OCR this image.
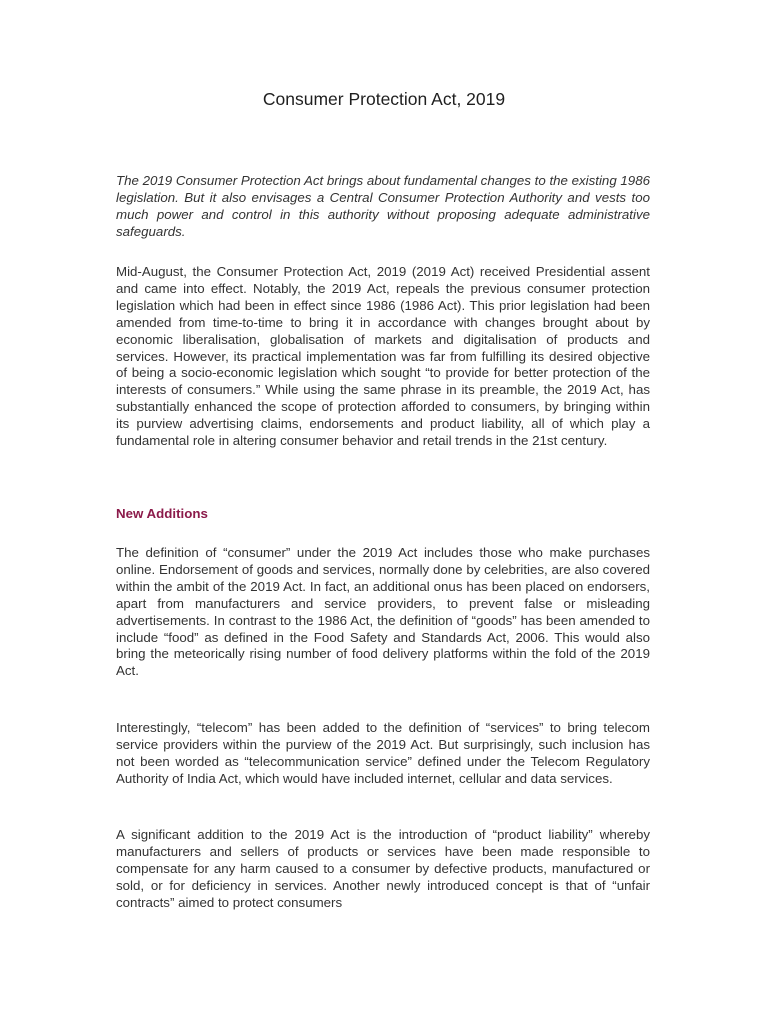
Consumer Protection Act, 2019

The 2019 Consumer Protection Act brings about fundamental changes to the existing 1986 legislation. But it also envisages a Central Consumer Protection Authority and vests too much power and control in this authority without proposing adequate administrative safeguards.

Mid-August, the Consumer Protection Act, 2019 (2019 Act) received Presidential assent and came into effect. Notably, the 2019 Act, repeals the previous consumer protection legislation which had been in effect since 1986 (1986 Act). This prior legislation had been amended from time-to-time to bring it in accordance with changes brought about by economic liberalisation, globalisation of markets and digitalisation of products and services. However, its practical implementation was far from fulfilling its desired objective of being a socio-economic legislation which sought “to provide for better protection of the interests of consumers.” While using the same phrase in its preamble, the 2019 Act, has substantially enhanced the scope of protection afforded to consumers, by bringing within its purview advertising claims, endorsements and product liability, all of which play a fundamental role in altering consumer behavior and retail trends in the 21st century.

New Additions

The definition of “consumer” under the 2019 Act includes those who make purchases online. Endorsement of goods and services, normally done by celebrities, are also covered within the ambit of the 2019 Act. In fact, an additional onus has been placed on endorsers, apart from manufacturers and service providers, to prevent false or misleading advertisements. In contrast to the 1986 Act, the definition of “goods” has been amended to include “food” as defined in the Food Safety and Standards Act, 2006. This would also bring the meteorically rising number of food delivery platforms within the fold of the 2019 Act.

Interestingly, “telecom” has been added to the definition of “services” to bring telecom service providers within the purview of the 2019 Act. But surprisingly, such inclusion has not been worded as “telecommunication service” defined under the Telecom Regulatory Authority of India Act, which would have included internet, cellular and data services.

A significant addition to the 2019 Act is the introduction of “product liability” whereby manufacturers and sellers of products or services have been made responsible to compensate for any harm caused to a consumer by defective products, manufactured or sold, or for deficiency in services. Another newly introduced concept is that of “unfair contracts” aimed to protect consumers
